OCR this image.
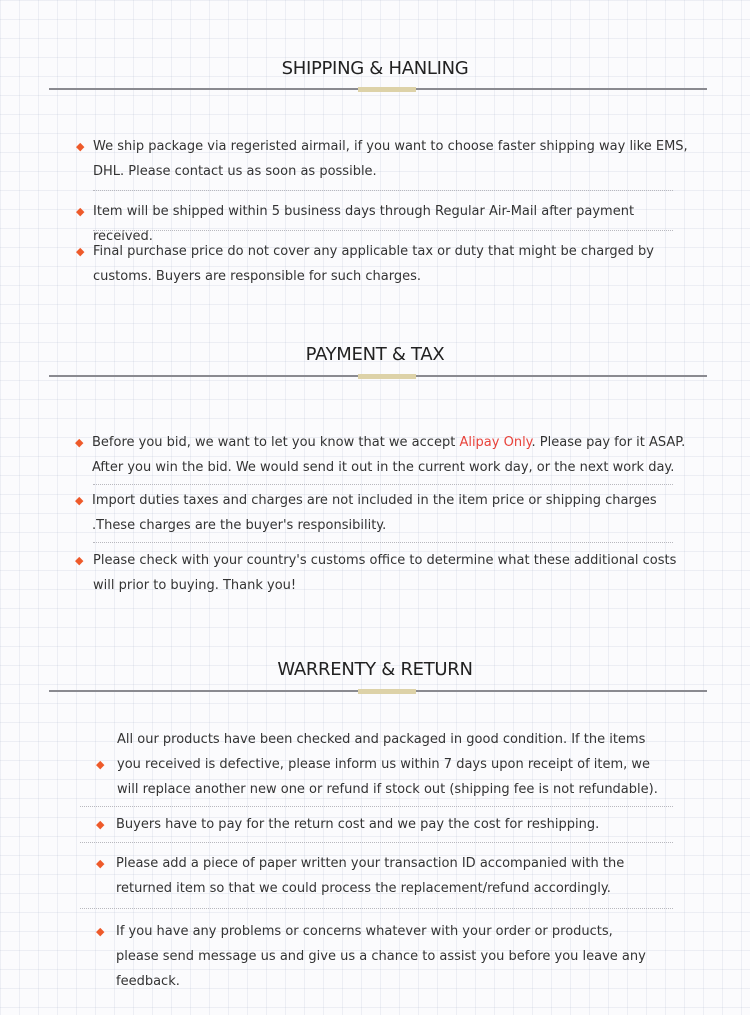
SHIPPING & HANLING
◆ We ship package via regeristed airmail, if you want to choose faster shipping way like EMS, DHL. Please contact us as soon as possible.
◆ Item will be shipped within 5 business days through Regular Air-Mail after payment received.
◆ Final purchase price do not cover any applicable tax or duty that might be charged by customs. Buyers are responsible for such charges.
PAYMENT & TAX
◆ Before you bid, we want to let you know that we accept Alipay Only. Please pay for it ASAP. After you win the bid. We would send it out in the current work day, or the next work day.
◆ Import duties taxes and charges are not included in the item price or shipping charges .These charges are the buyer's responsibility.
◆ Please check with your country's customs office to determine what these additional costs will prior to buying. Thank you!
WARRENTY & RETURN
◆
All our products have been checked and packaged in good condition. If the items you received is defective, please inform us within 7 days upon receipt of item, we will replace another new one or refund if stock out (shipping fee is not refundable).
◆ Buyers have to pay for the return cost and we pay the cost for reshipping.
◆ Please add a piece of paper written your transaction ID accompanied with the returned item so that we could process the replacement/refund accordingly.
◆ If you have any problems or concerns whatever with your order or products, please send message us and give us a chance to assist you before you leave any feedback.
